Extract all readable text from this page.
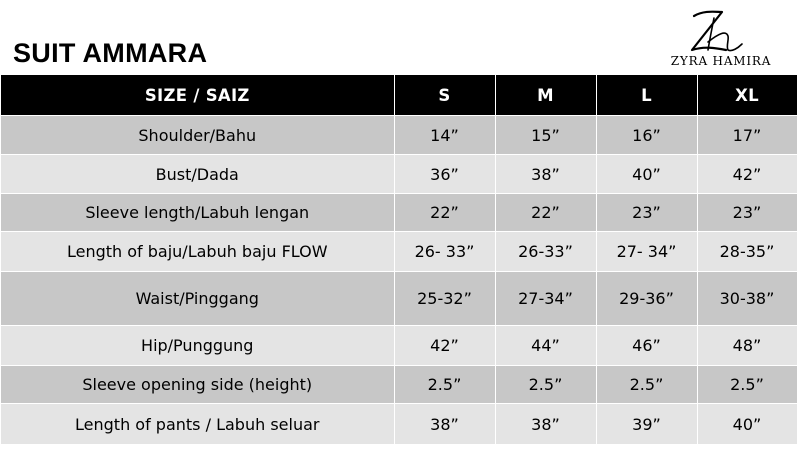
SUIT AMMARA	ZYRA HAMIRA
SIZE / SAIZ	S	M	L	XL
Shoulder/Bahu	14”	15”	16”	17”
Bust/Dada	36”	38”	40”	42”
Sleeve length/Labuh lengan	22”	22”	23”	23”
Length of baju/Labuh baju FLOW	26- 33”	26-33”	27- 34”	28-35”
Waist/Pinggang	25-32”	27-34”	29-36”	30-38”
Hip/Punggung	42”	44”	46”	48”
Sleeve opening side (height)	2.5”	2.5”	2.5”	2.5”
Length of pants / Labuh seluar	38”	38”	39”	40”
